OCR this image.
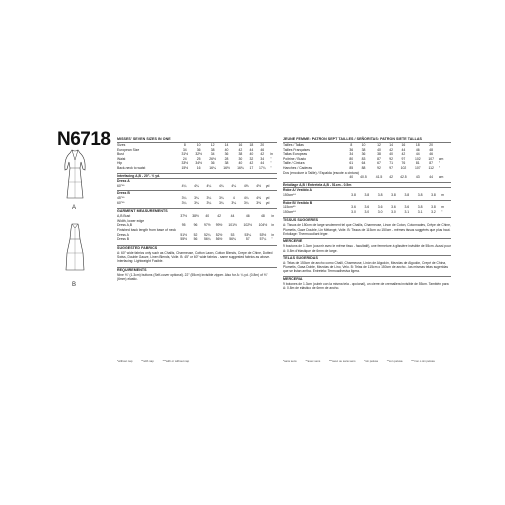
N6718
A
B
MISSES' SEVEN SIZES IN ONE
Sizes	8	10	12	14	16	18	20	
European Size	34	36	38	40	42	44	46	
Bust	31½	32½	34	36	38	40	42	in
Waist	24	25	26½	28	30	32	34	"
Hip	33½	34½	36	38	40	42	44	"
Back-neck to waist	15½	16	16¼	16½	16¾	17	17¼	"
Interfacing A,B - 20"- ½ yd.
Dress A
60"**	4¼	4¼	4¼	4¼	4¼	4⅜	4½	yd
Dress B
45"**	3¼	3¼	3¼	3¼	4	4¼	4⅜	yd
60"**	3¼	3¼	3¼	3¼	3¼	3¼	3⅜	yd
GARMENT MEASUREMENTS
A,B Bust	37½	38½	40	42	44	46	48	in
Width, lower edge								
Dress A,B	95	96	97½	99½	101½	102½	104½	in
Finished back length from base of neck								
Dress A	51½	52	52¼	52½	53	53¼	53½	in
Dress B	55½	56	56¼	56½	56¾	57	57¼	"
SUGGESTED FABRICS
A: 60" wide fabrics only such as Challis, Charmeuse, Cotton Lawn, Cotton Blends, Crepe de Chine, Dotted Swiss, Double Gauze, Linen Blends, Voile. B: 45" or 60" wide fabrics - same suggested fabrics as above. Interfacing: Lightweight Fusible.
REQUIREMENTS
Nine ⅜" (1.3cm) buttons (Self-cover optional). 22" (55cm) invisible zipper. Also for A: ¼ yd. (0.8m) of ⅜" (6mm) elastic.
*without nap	**with nap	***with or without nap
JEUNE FEMME: PATRON SEPT TAILLES / SEÑORITAS: PATRON SIETE TALLAS
Tailles / Tallas	8	10	12	14	16	18	20	
Tailles Françaises	36	38	40	42	44	46	48	
Tallas Europeas	34	36	38	40	42	44	46	
Poitrine / Busto	80	83	87	92	97	102	107	cm
Taille / Cintura	61	64	67	71	76	81	87	"
Hanches / Caderas	85	88	92	97	102	107	112	"
Dos (encolure à Taille) / Espalda (escote a cintura)								
	40	40.5	41.5	42	42.5	43	44	cm
Entoilage A,B / Entretela A,B - 51cm - 0.5m
Robe A/ Vestido A
150cm**	3.8	3.8	3.8	3.8	3.8	3.8	3.8	m
Robe B/ Vestido B
115cm**	3.6	3.6	3.6	3.6	3.6	3.8	3.8	m
150cm**	3.0	3.0	3.0	3.0	3.1	3.1	3.2	"
TISSUS SUGGERES
A: Tissus de 150cm de large seulement tel que Challis, Charmeuse, Linon de Coton, Cotonnades, Crêpe de Chine, Plumetis, Gaze Double, Lin Mélangé, Voile. B: Tissus de 115cm ou 150cm - mêmes tissus suggérés que plus haut. Entoilage: Thermocollant léger.
MERCERIE
9 boutons de 1.3cm (couvrir avec le même tissu - facultatif), une fermeture à glissière invisible de 55cm. Aussi pour A: 0.8m d'élastique de 6mm de large.
TELAS SUGERIDAS
A: Telas de 150cm de ancho como Challi, Charmeuse, Linón de Algodón, Mezclas de Algodón, Crepé de China, Plumetis, Gasa Doble, Mezclas de Lino, Velo. B: Telas de 115cm o 150cm de ancho - las mismas telas sugeridas que se listan arriba. Entretela: Termoadhesiva ligera.
MERCERIA
9 botones de 1.3cm (cubrir con la misma tela - opcional), un cierre de cremallera invisible de 55cm. También para A: 0.8m de elástico de 6mm de ancho.
*sans sens	**avec sens	***avec ou sans sens	*sin pelusa	**con pelusa	***con o sin pelusa
